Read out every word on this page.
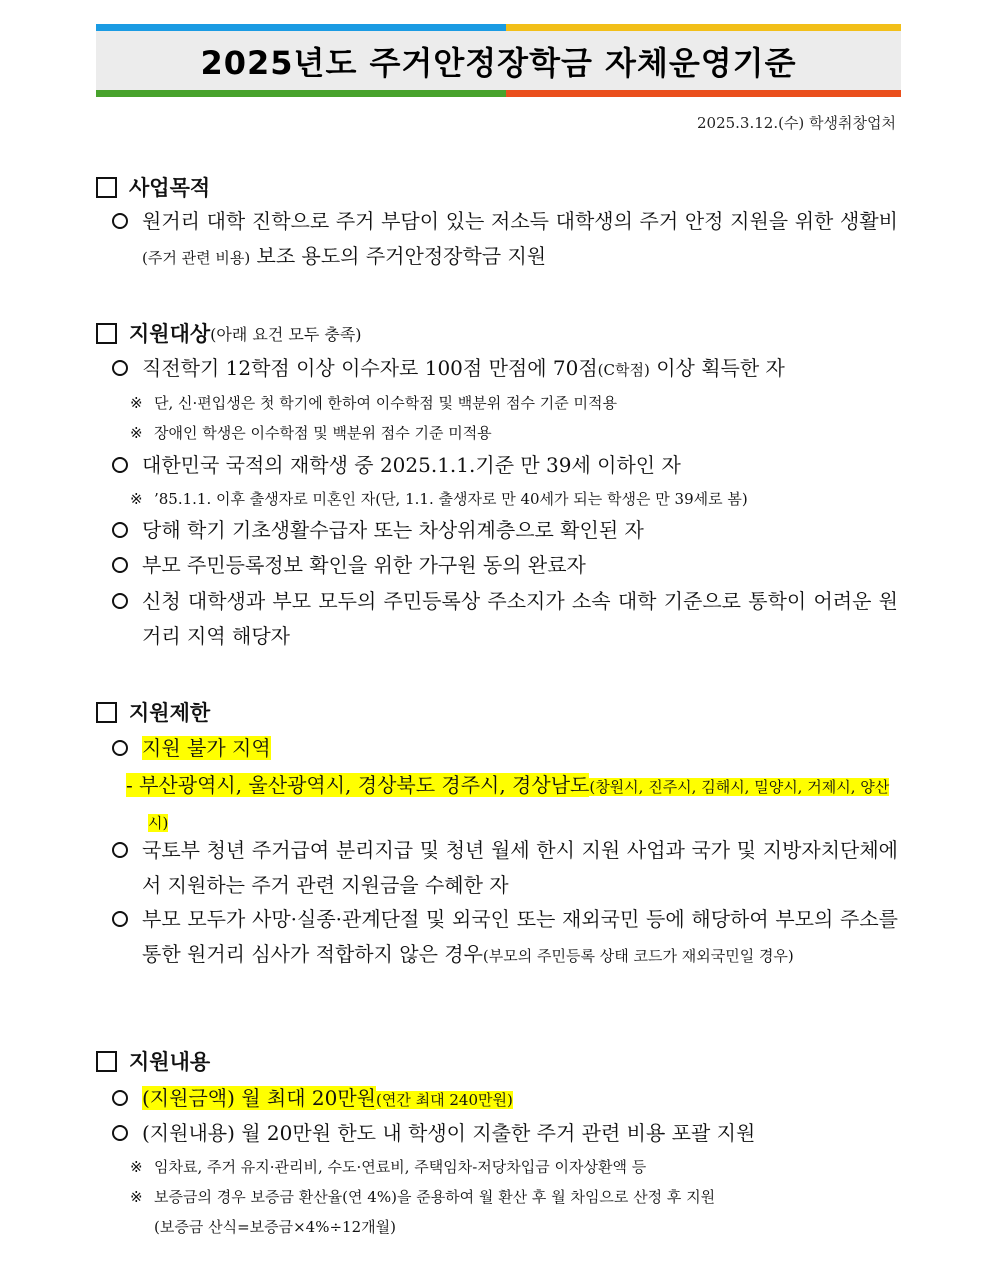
2025년도 주거안정장학금 자체운영기준
2025.3.12.(수) 학생취창업처
사업목적
원거리 대학 진학으로 주거 부담이 있는 저소득 대학생의 주거 안정 지원을 위한 생활비(주거 관련 비용) 보조 용도의 주거안정장학금 지원
지원대상 (아래 요건 모두 충족)
직전학기 12학점 이상 이수자로 100점 만점에 70점(C학점) 이상 획득한 자
※ 단, 신·편입생은 첫 학기에 한하여 이수학점 및 백분위 점수 기준 미적용
※ 장애인 학생은 이수학점 및 백분위 점수 기준 미적용
대한민국 국적의 재학생 중 2025.1.1.기준 만 39세 이하인 자
※ ’85.1.1. 이후 출생자로 미혼인 자(단, 1.1. 출생자로 만 40세가 되는 학생은 만 39세로 봄)
당해 학기 기초생활수급자 또는 차상위계층으로 확인된 자
부모 주민등록정보 확인을 위한 가구원 동의 완료자
신청 대학생과 부모 모두의 주민등록상 주소지가 소속 대학 기준으로 통학이 어려운 원거리 지역 해당자
지원제한
지원 불가 지역
- 부산광역시, 울산광역시, 경상북도 경주시, 경상남도(창원시, 진주시, 김해시, 밀양시, 거제시, 양산시)
국토부 청년 주거급여 분리지급 및 청년 월세 한시 지원 사업과 국가 및 지방자치단체에서 지원하는 주거 관련 지원금을 수혜한 자
부모 모두가 사망·실종·관계단절 및 외국인 또는 재외국민 등에 해당하여 부모의 주소를 통한 원거리 심사가 적합하지 않은 경우(부모의 주민등록 상태 코드가 재외국민일 경우)
지원내용
(지원금액) 월 최대 20만원(연간 최대 240만원)
(지원내용) 월 20만원 한도 내 학생이 지출한 주거 관련 비용 포괄 지원
※ 임차료, 주거 유지·관리비, 수도·연료비, 주택임차-저당차입금 이자상환액 등
※ 보증금의 경우 보증금 환산율(연 4%)을 준용하여 월 환산 후 월 차임으로 산정 후 지원
(보증금 산식=보증금×4%÷12개월)
